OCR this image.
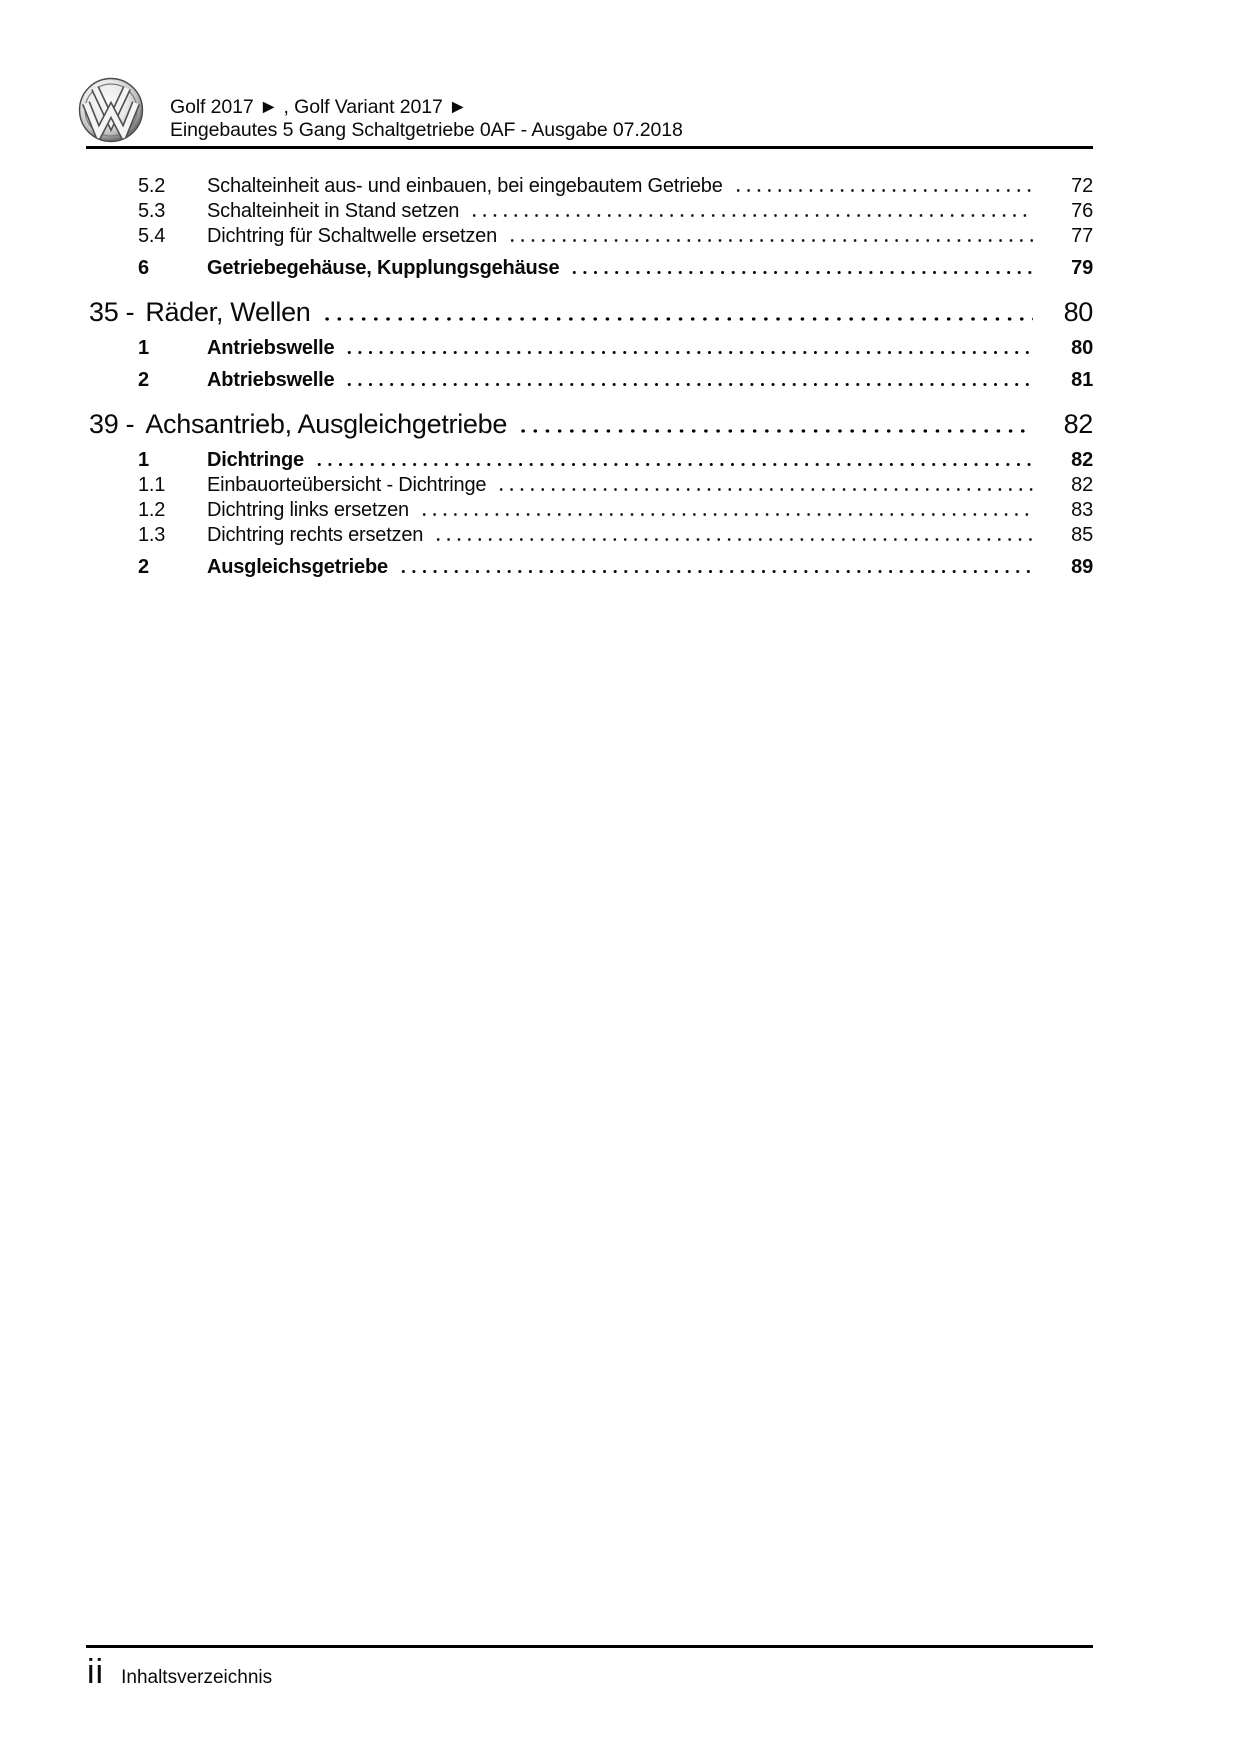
Golf 2017 ► , Golf Variant 2017 ►
Eingebautes 5 Gang Schaltgetriebe 0AF - Ausgabe 07.2018
5.2	Schalteinheit aus- und einbauen, bei eingebautem Getriebe	72
5.3	Schalteinheit in Stand setzen	76
5.4	Dichtring für Schaltwelle ersetzen	77
6	Getriebegehäuse, Kupplungsgehäuse	79
35 - Räder, Wellen	80
1	Antriebswelle	80
2	Abtriebswelle	81
39 - Achsantrieb, Ausgleichgetriebe	82
1	Dichtringe	82
1.1	Einbauorteübersicht - Dichtringe	82
1.2	Dichtring links ersetzen	83
1.3	Dichtring rechts ersetzen	85
2	Ausgleichsgetriebe	89
ii Inhaltsverzeichnis
